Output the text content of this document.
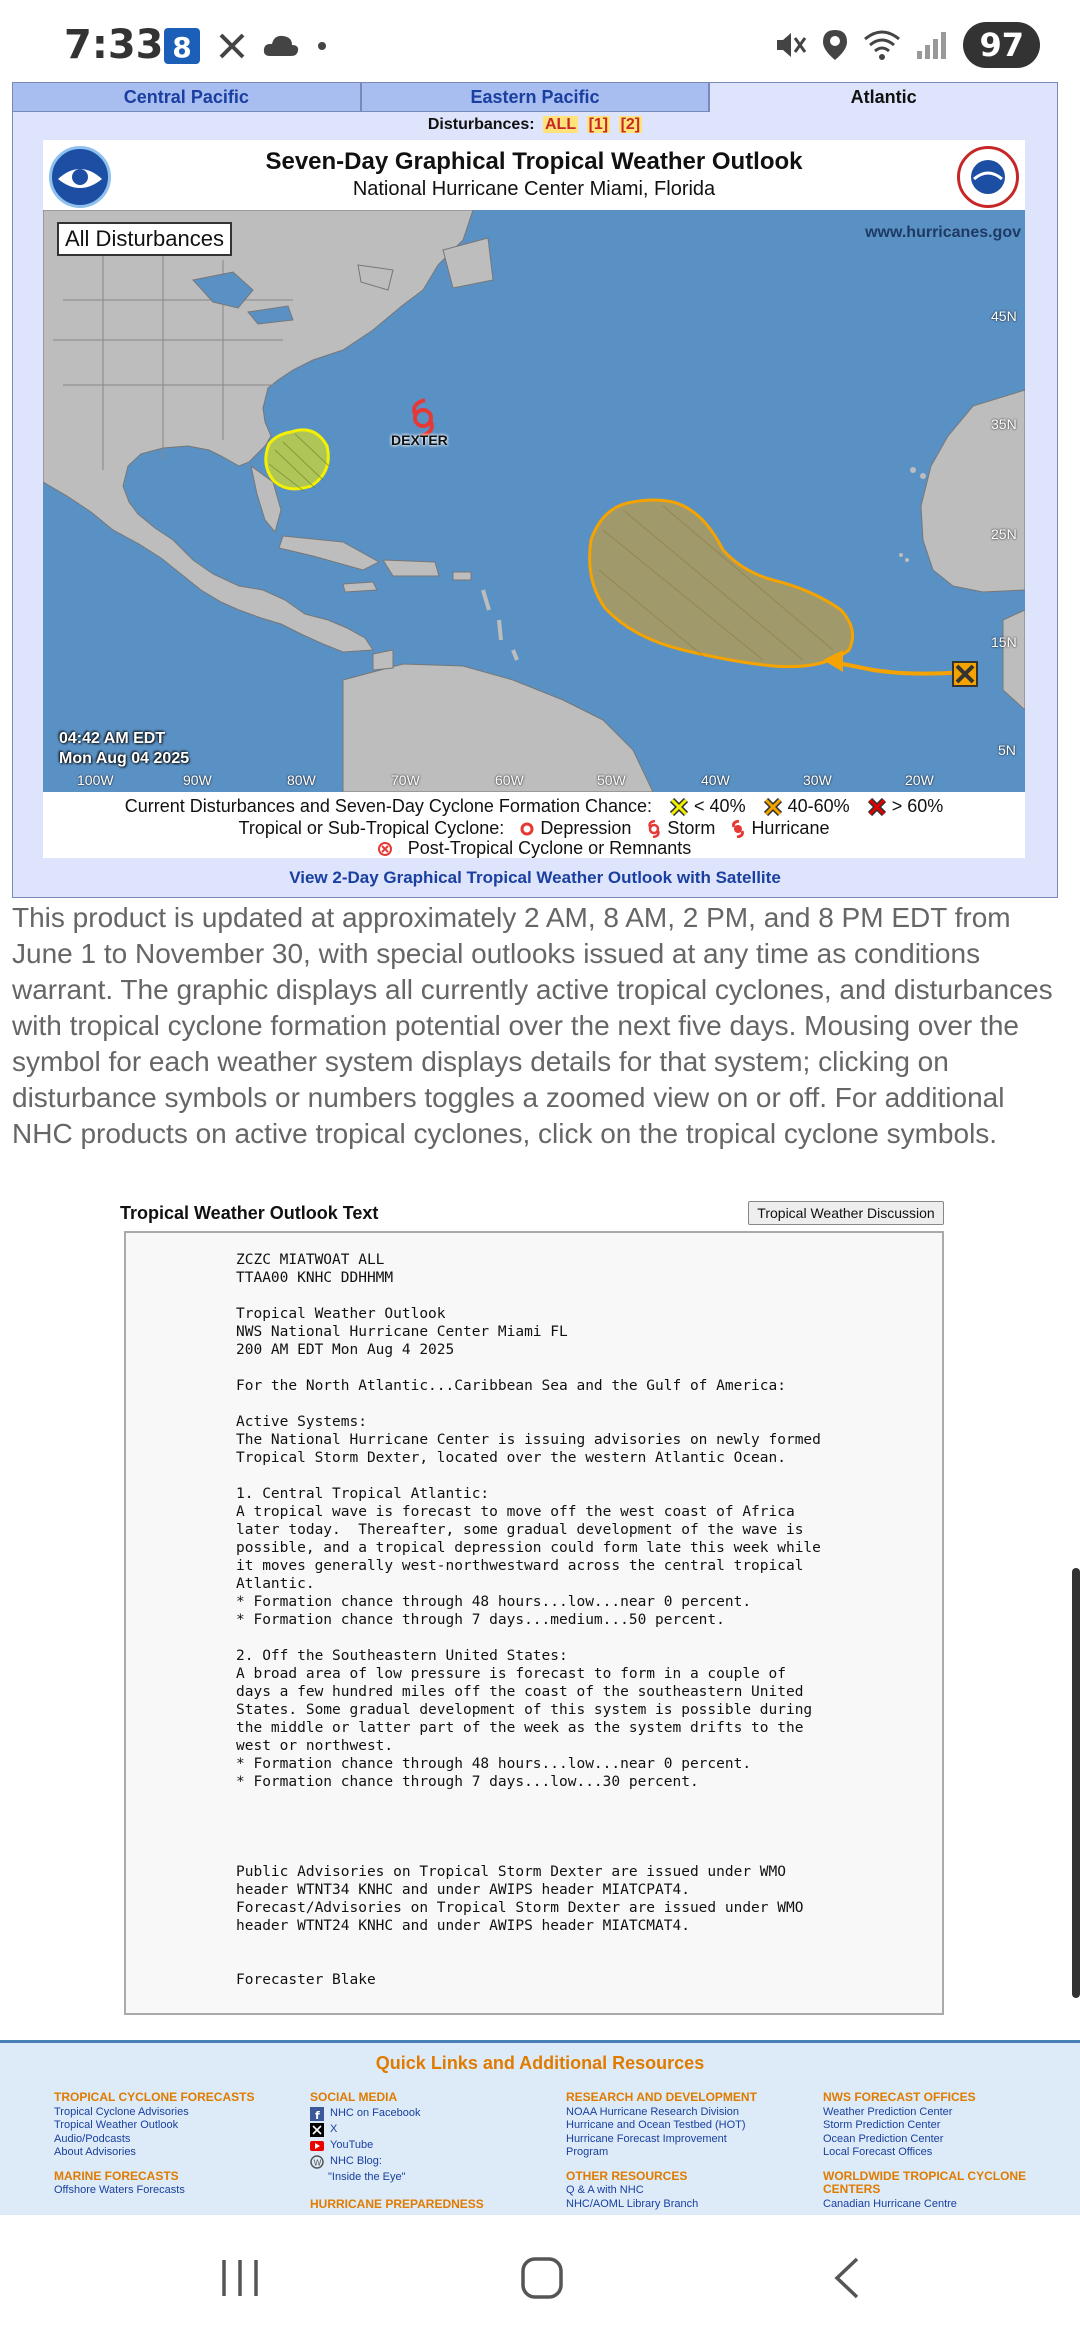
7:33 8	97
Central Pacific	Eastern Pacific	Atlantic
Disturbances: ALL [1] [2]
Seven-Day Graphical Tropical Weather Outlook
National Hurricane Center Miami, Florida
All Disturbances	www.hurricanes.gov
DEXTER
45N
35N
25N
15N
5N
04:42 AM EDT
Mon Aug 04 2025
100W	90W	80W	70W	60W	50W	40W	30W	20W
Current Disturbances and Seven-Day Cyclone Formation Chance: < 40% 40-60% > 60%
Tropical or Sub-Tropical Cyclone: Depression Storm Hurricane
Post-Tropical Cyclone or Remnants
View 2-Day Graphical Tropical Weather Outlook with Satellite
This product is updated at approximately 2 AM, 8 AM, 2 PM, and 8 PM EDT from June 1 to November 30, with special outlooks issued at any time as conditions warrant. The graphic displays all currently active tropical cyclones, and disturbances with tropical cyclone formation potential over the next five days. Mousing over the symbol for each weather system displays details for that system; clicking on disturbance symbols or numbers toggles a zoomed view on or off. For additional NHC products on active tropical cyclones, click on the tropical cyclone symbols.
Tropical Weather Outlook Text	Tropical Weather Discussion
ZCZC MIATWOAT ALL
TTAA00 KNHC DDHHMM

Tropical Weather Outlook
NWS National Hurricane Center Miami FL
200 AM EDT Mon Aug 4 2025

For the North Atlantic...Caribbean Sea and the Gulf of America:

Active Systems:
The National Hurricane Center is issuing advisories on newly formed
Tropical Storm Dexter, located over the western Atlantic Ocean.

1. Central Tropical Atlantic:
A tropical wave is forecast to move off the west coast of Africa
later today.  Thereafter, some gradual development of the wave is
possible, and a tropical depression could form late this week while
it moves generally west-northwestward across the central tropical
Atlantic.
* Formation chance through 48 hours...low...near 0 percent.
* Formation chance through 7 days...medium...50 percent.

2. Off the Southeastern United States:
A broad area of low pressure is forecast to form in a couple of
days a few hundred miles off the coast of the southeastern United
States. Some gradual development of this system is possible during
the middle or latter part of the week as the system drifts to the
west or northwest.
* Formation chance through 48 hours...low...near 0 percent.
* Formation chance through 7 days...low...30 percent.

Public Advisories on Tropical Storm Dexter are issued under WMO
header WTNT34 KNHC and under AWIPS header MIATCPAT4.
Forecast/Advisories on Tropical Storm Dexter are issued under WMO
header WTNT24 KNHC and under AWIPS header MIATCMAT4.

Forecaster Blake
Quick Links and Additional Resources
TROPICAL CYCLONE FORECASTS
Tropical Cyclone Advisories
Tropical Weather Outlook
Audio/Podcasts
About Advisories
MARINE FORECASTS
Offshore Waters Forecasts
SOCIAL MEDIA
f NHC on Facebook
X
YouTube
W NHC Blog:
"Inside the Eye"
HURRICANE PREPAREDNESS
RESEARCH AND DEVELOPMENT
NOAA Hurricane Research Division
Hurricane and Ocean Testbed (HOT)
Hurricane Forecast Improvement
Program
OTHER RESOURCES
Q & A with NHC
NHC/AOML Library Branch
NWS FORECAST OFFICES
Weather Prediction Center
Storm Prediction Center
Ocean Prediction Center
Local Forecast Offices
WORLDWIDE TROPICAL CYCLONE CENTERS
Canadian Hurricane Centre
